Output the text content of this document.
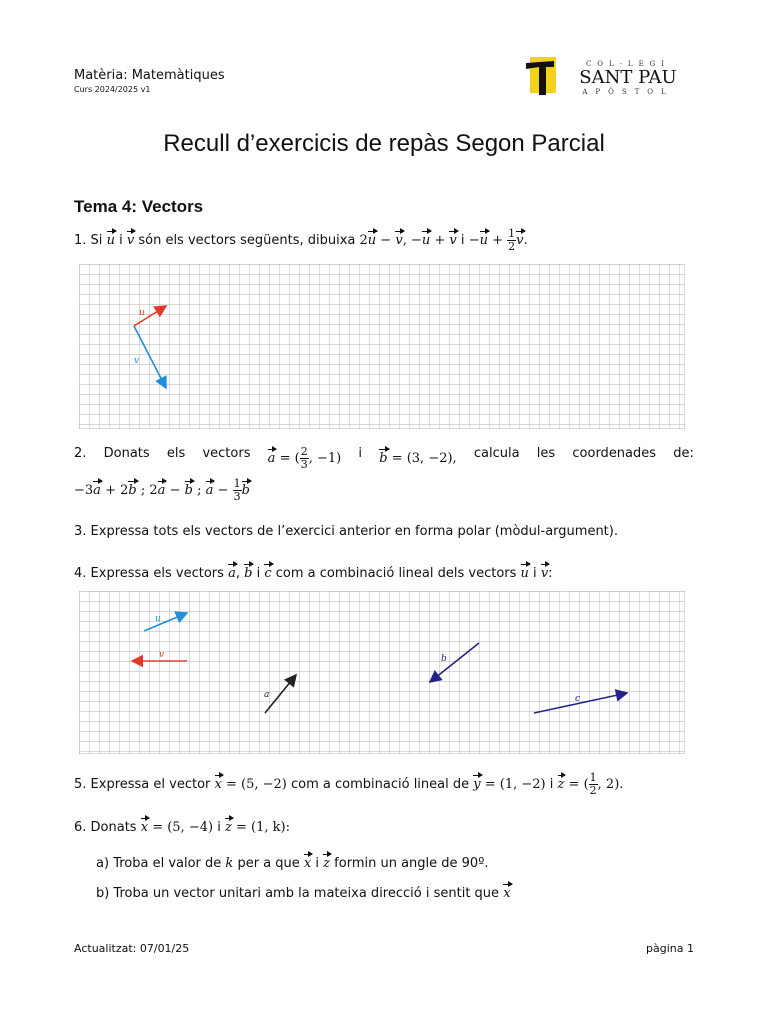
Matèria: Matemàtiques
Curs 2024/2025 v1
COL·LEGI
SANT PAU
APÒSTOL
Recull d’exercicis de repàs Segon Parcial
Tema 4: Vectors
1. Si u i v són els vectors següents, dibuixa 2u − v, −u + v $i -u + \frac{1}{2} v$.
u
v
2. Donats els vectors a = ( $\frac{2}{3}$ , −1) i b = (3, −2), calcula les coordenades de:
−3a + 2b ; 2a − b ; $a - \frac{1}{3}$ b
3. Expressa tots els vectors de l’exercici anterior en forma polar (mòdul-argument).
4. Expressa els vectors a, b i c com a combinació lineal dels vectors u i v:
u
v
a
b
c
5. Expressa el vector x = (5, −2) com a combinació lineal de y = (1, −2) i z = ( $\frac{1}{2}$ , 2).
6. Donats x = (5, −4) i z = (1, k):
a) Troba el valor de k per a que x i z formin un angle de 90º.
b) Troba un vector unitari amb la mateixa direcció i sentit que x
Actualitzat: 07/01/25	pàgina 1
